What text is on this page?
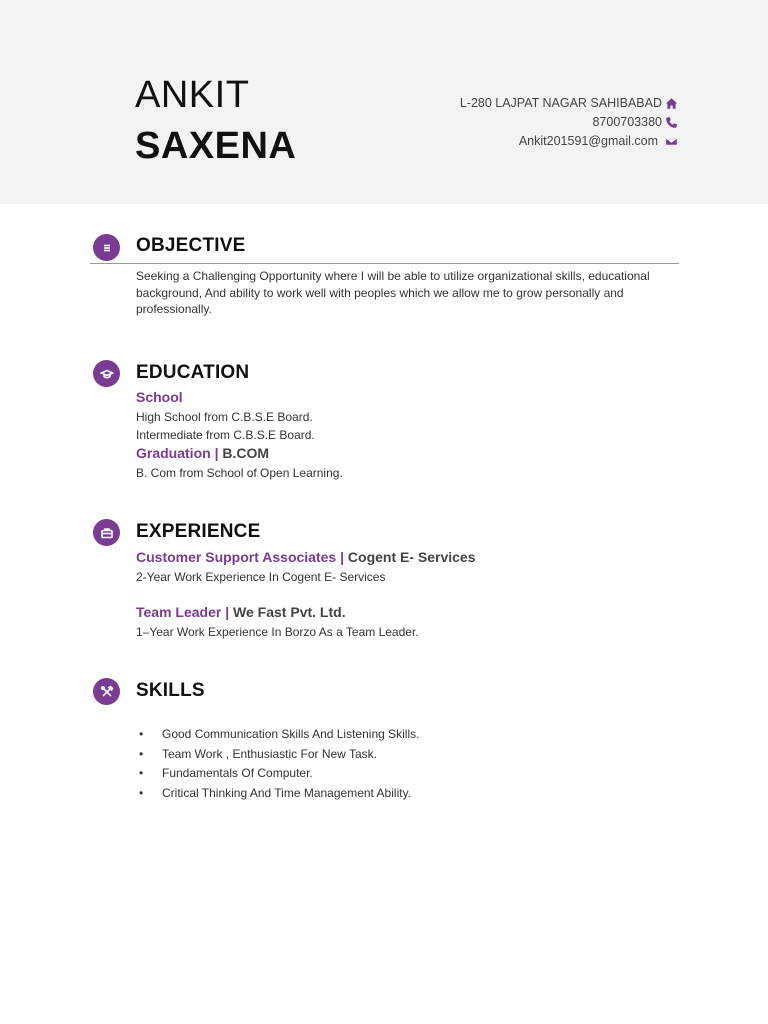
ANKIT
SAXENA
L-280 LAJPAT NAGAR SAHIBABAD
8700703380
Ankit201591@gmail.com
OBJECTIVE
Seeking a Challenging Opportunity where I will be able to utilize organizational skills, educational background, And ability to work well with peoples which we allow me to grow personally and professionally.
EDUCATION
School
High School from C.B.S.E Board.
Intermediate from C.B.S.E Board.
Graduation | B.COM
B. Com from School of Open Learning.
EXPERIENCE
Customer Support Associates | Cogent E- Services
2-Year Work Experience In Cogent E- Services
Team Leader | We Fast Pvt. Ltd.
1–Year Work Experience In Borzo As a Team Leader.
SKILLS
• Good Communication Skills And Listening Skills.
• Team Work , Enthusiastic For New Task.
• Fundamentals Of Computer.
• Critical Thinking And Time Management Ability.
